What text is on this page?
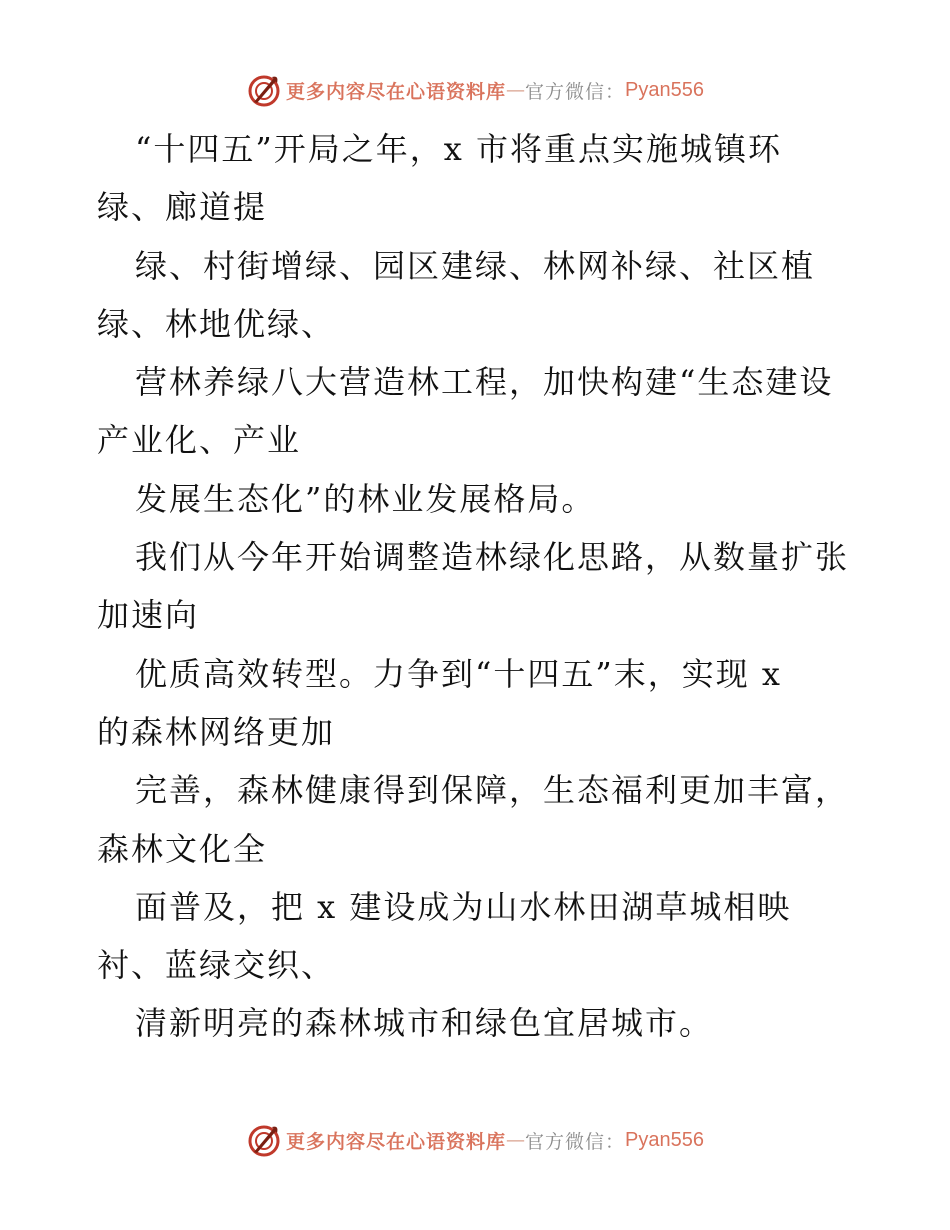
更多内容尽在心语资料库 — 官方微信： Pyan556
“十四五”开局之年，x 市将重点实施城镇环
绿、廊道提
绿、村街增绿、园区建绿、林网补绿、社区植
绿、林地优绿、
营林养绿八大营造林工程，加快构建“生态建设
产业化、产业
发展生态化”的林业发展格局。
我们从今年开始调整造林绿化思路，从数量扩张
加速向
优质高效转型。力争到“十四五”末，实现 x
的森林网络更加
完善，森林健康得到保障，生态福利更加丰富，
森林文化全
面普及，把 x 建设成为山水林田湖草城相映
衬、蓝绿交织、
清新明亮的森林城市和绿色宜居城市。
更多内容尽在心语资料库 — 官方微信： Pyan556
